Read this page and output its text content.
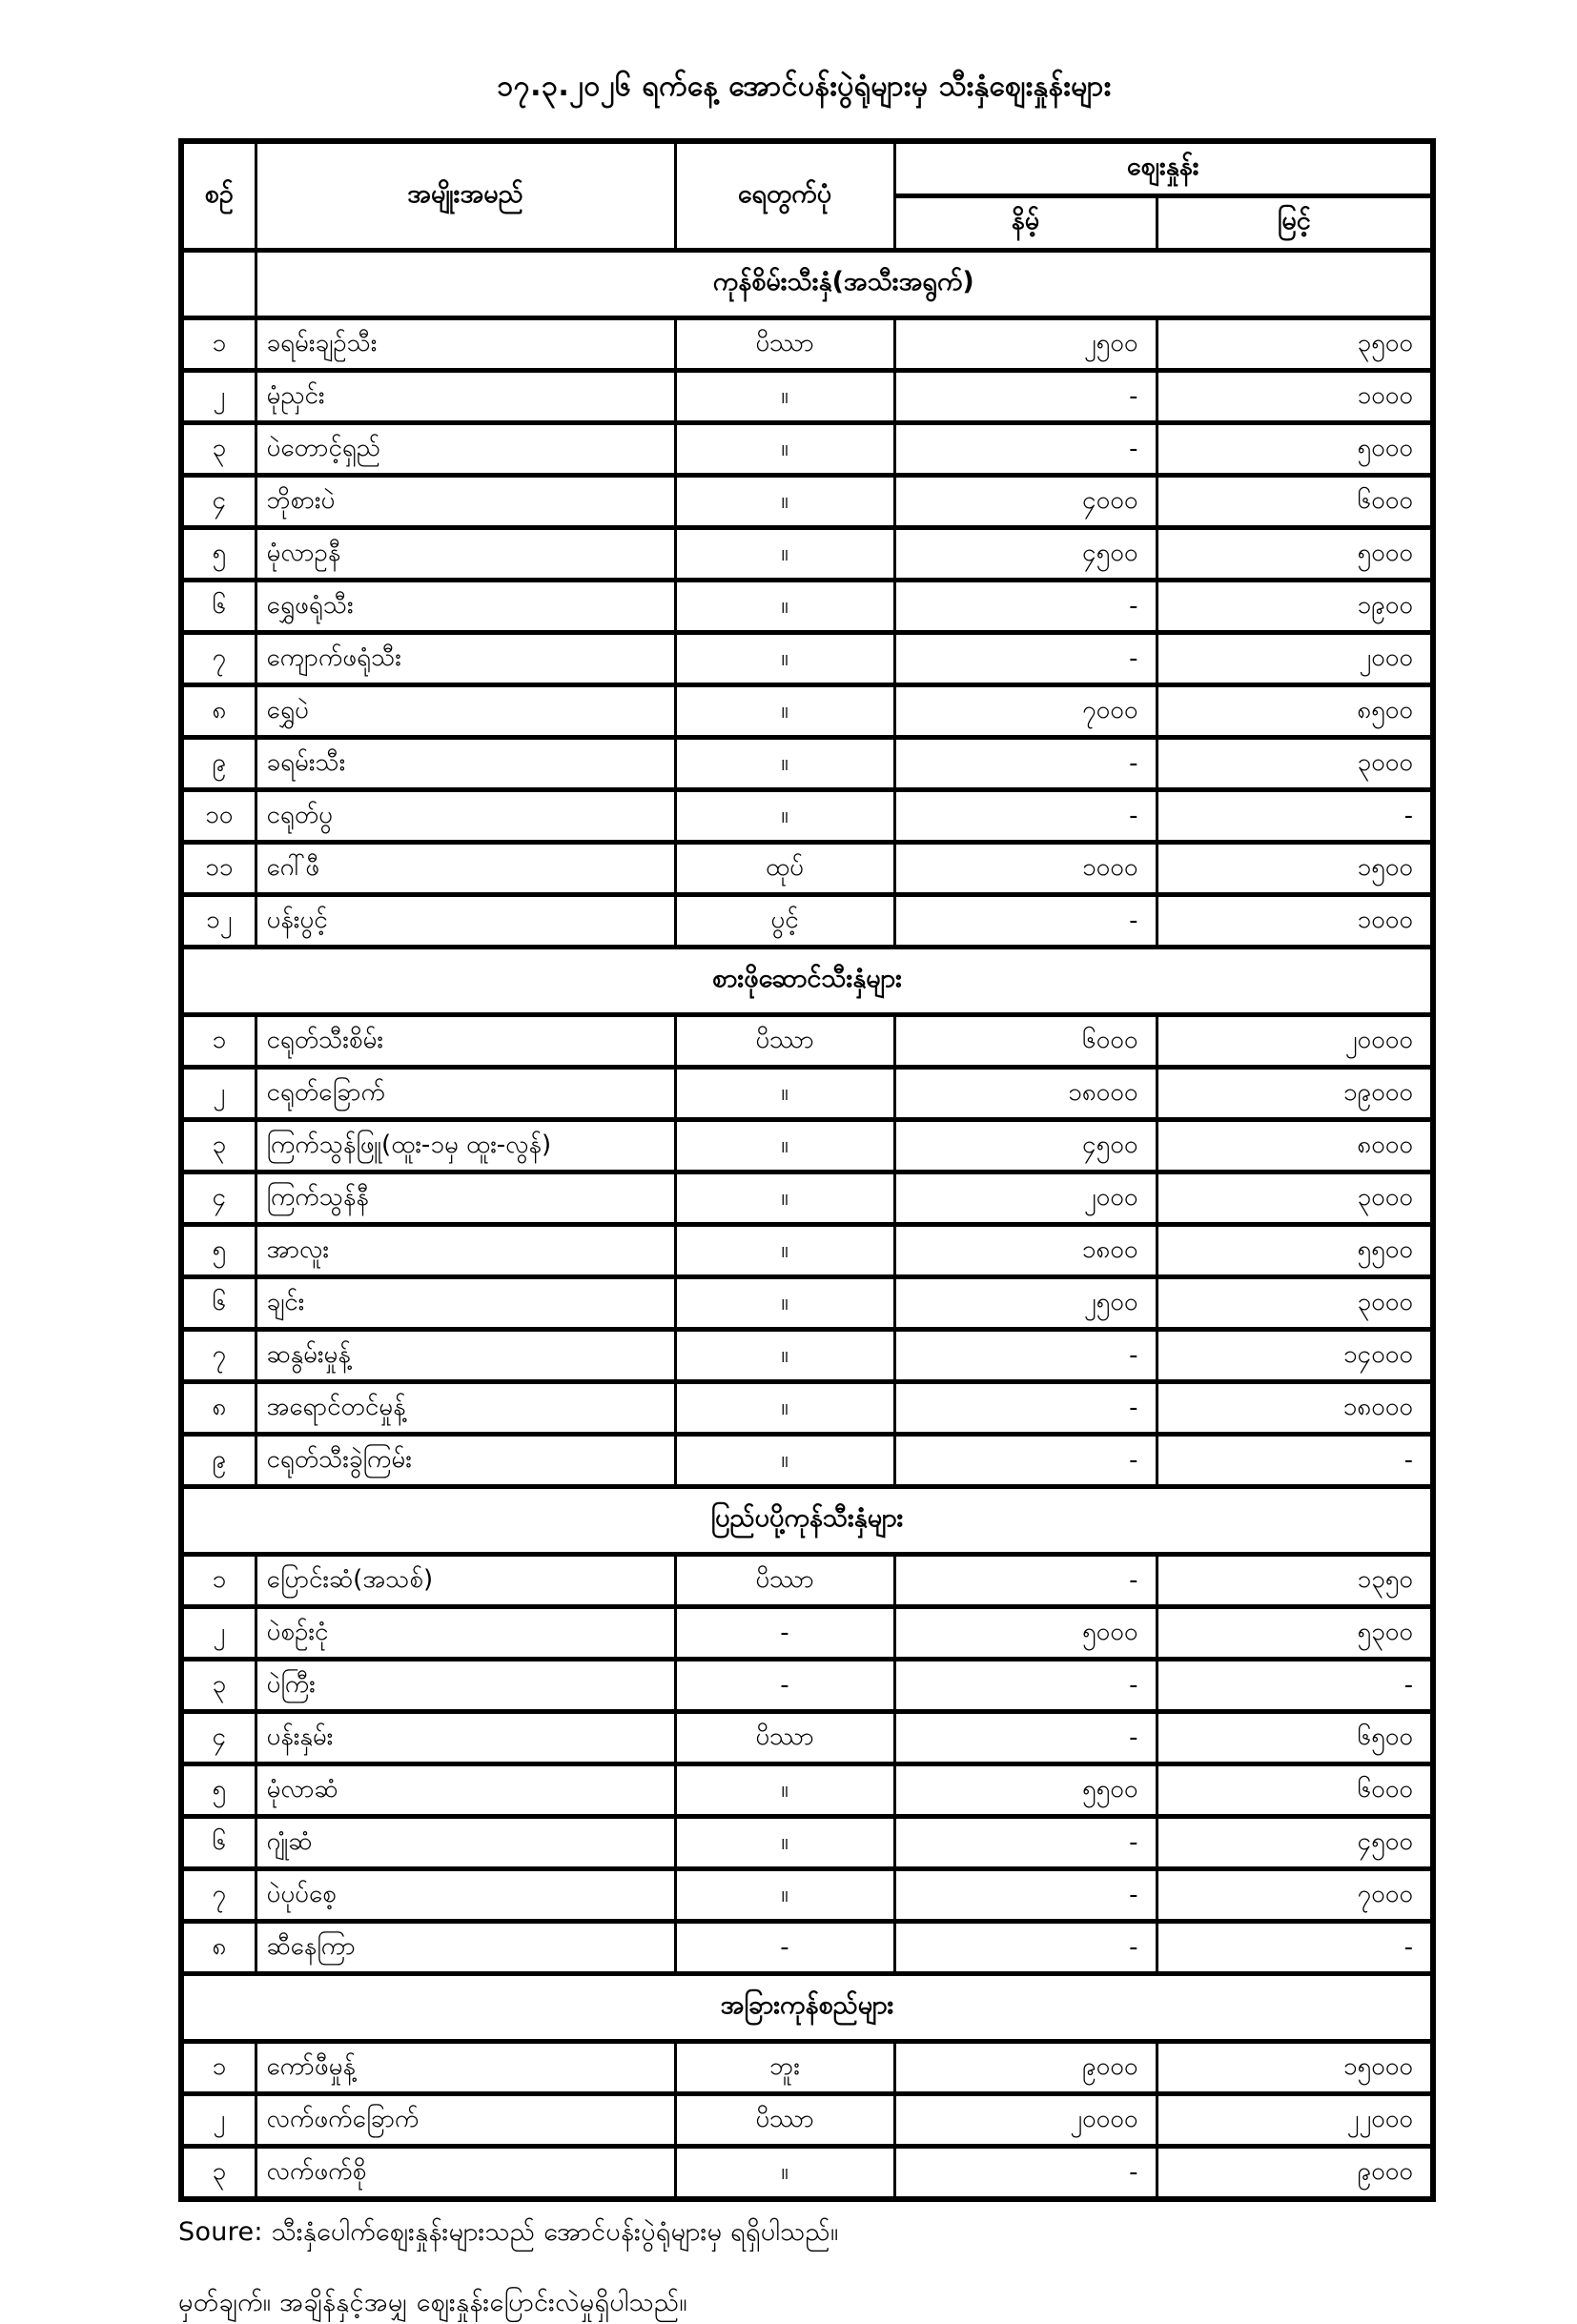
၁၇.၃.၂၀၂၆ ရက်နေ့ အောင်ပန်းပွဲရုံများမှ သီးနှံစျေးနှုန်းများ
စဉ်	အမျိုးအမည်	ရေတွက်ပုံ	စျေးနှုန်း	
			နိမ့်	မြင့်
	ကုန်စိမ်းသီးနှံ(အသီးအရွက်)			
၁	ခရမ်းချဉ်သီး	ပိဿာ	၂၅၀၀	၃၅၀၀
၂	မုံညှင်း	။	-	၁၀၀၀
၃	ပဲတောင့်ရှည်	။	-	၅၀၀၀
၄	ဘိုစားပဲ	။	၄၀၀၀	၆၀၀၀
၅	မုံလာဥနီ	။	၄၅၀၀	၅၀၀၀
၆	ရွှေဖရုံသီး	။	-	၁၉၀၀
၇	ကျောက်ဖရုံသီး	။	-	၂၀၀၀
၈	ရွှေပဲ	။	၇၀၀၀	၈၅၀၀
၉	ခရမ်းသီး	။	-	၃၀၀၀
၁၀	ငရုတ်ပွ	။	-	-
၁၁	ဂေါ်ဖီ	ထုပ်	၁၀၀၀	၁၅၀၀
၁၂	ပန်းပွင့်	ပွင့်	-	၁၀၀၀
စားဖိုဆောင်သီးနှံများ				
၁	ငရုတ်သီးစိမ်း	ပိဿာ	၆၀၀၀	၂၀၀၀၀
၂	ငရုတ်ခြောက်	။	၁၈၀၀၀	၁၉၀၀၀
၃	ကြက်သွန်ဖြူ(ထူး-၁မှ ထူး-လွန်)	။	၄၅၀၀	၈၀၀၀
၄	ကြက်သွန်နီ	။	၂၀၀၀	၃၀၀၀
၅	အာလူး	။	၁၈၀၀	၅၅၀၀
၆	ချင်း	။	၂၅၀၀	၃၀၀၀
၇	ဆနွမ်းမှုန့်	။	-	၁၄၀၀၀
၈	အရောင်တင်မှုန့်	။	-	၁၈၀၀၀
၉	ငရုတ်သီးခွဲကြမ်း	။	-	-
ပြည်ပပို့ကုန်သီးနှံများ				
၁	ပြောင်းဆံ(အသစ်)	ပိဿာ	-	၁၃၅၀
၂	ပဲစဉ်းငုံ	-	၅၀၀၀	၅၃၀၀
၃	ပဲကြီး	-	-	-
၄	ပန်းနှမ်း	ပိဿာ	-	၆၅၀၀
၅	မုံလာဆံ	။	၅၅၀၀	၆၀၀၀
၆	ဂျုံဆံ	။	-	၄၅၀၀
၇	ပဲပုပ်စေ့	။	-	၇၀၀၀
၈	ဆီနေကြာ	-	-	-
အခြားကုန်စည်များ				
၁	ကော်ဖီမှုန့်	ဘူး	၉၀၀၀	၁၅၀၀၀
၂	လက်ဖက်ခြောက်	ပိဿာ	၂၀၀၀၀	၂၂၀၀၀
၃	လက်ဖက်စို	။	-	၉၀၀၀

Soure: သီးနှံပေါက်စျေးနှုန်းများသည် အောင်ပန်းပွဲရုံများမှ ရရှိပါသည်။

မှတ်ချက်။ အချိန်နှင့်အမျှ စျေးနှုန်းပြောင်းလဲမှုရှိပါသည်။
